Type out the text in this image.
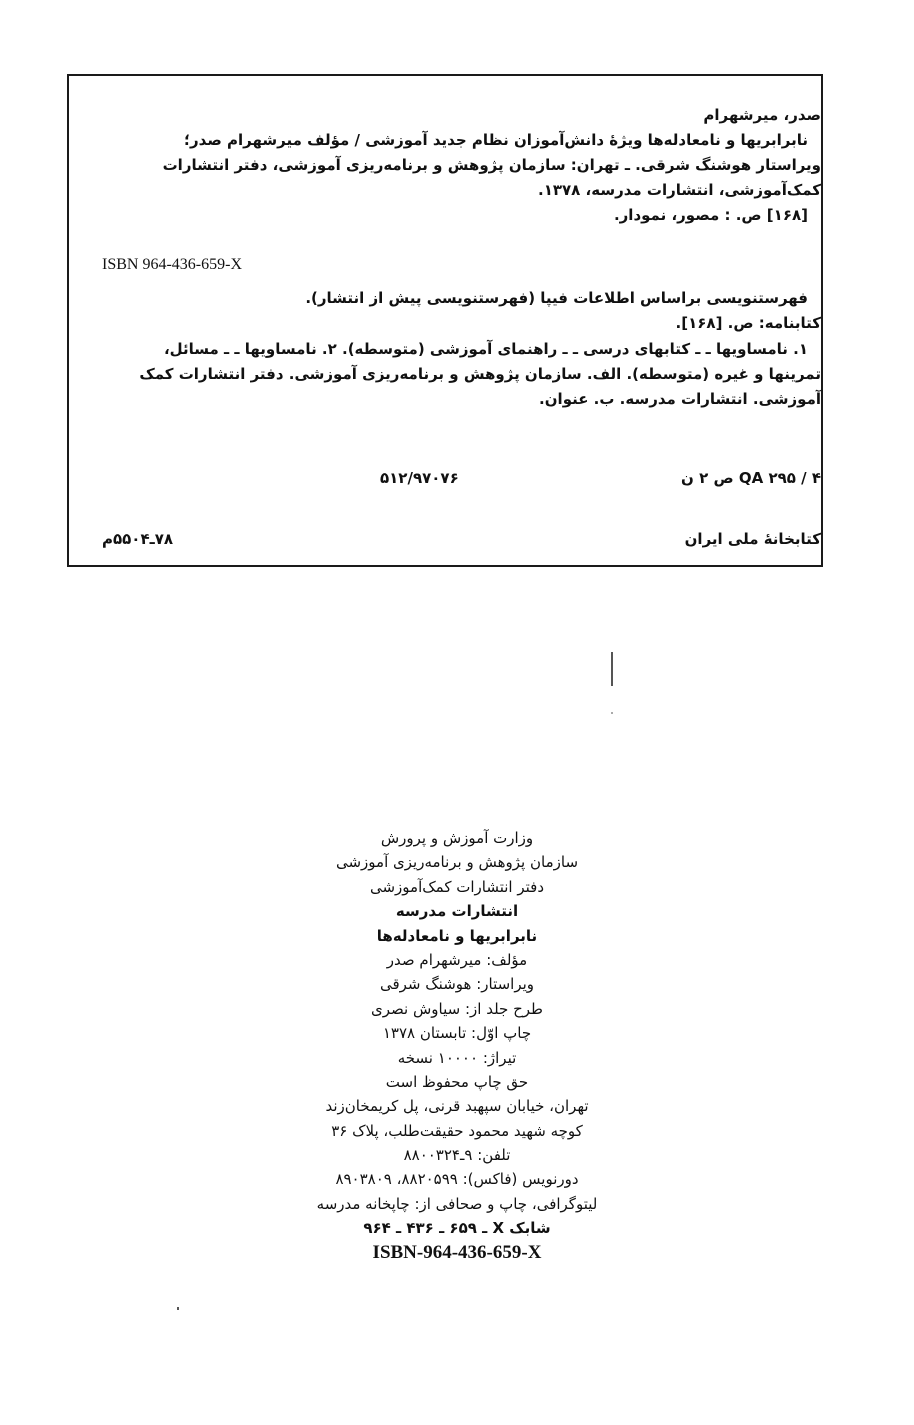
صدر، میرشهرام
نابرابریها و نامعادله‌ها ویژهٔ دانش‌آموزان نظام جدید آموزشی / مؤلف میرشهرام صدر؛
ویراستار هوشنگ شرقی. ـ تهران: سازمان پژوهش و برنامه‌ریزی آموزشی، دفتر انتشارات
کمک‌آموزشی، انتشارات مدرسه، ۱۳۷۸.
[۱۶۸] ص. : مصور، نمودار.
ISBN 964-436-659-X
فهرستنویسی براساس اطلاعات فیپا (فهرستنویسی پیش از انتشار).
کتابنامه: ص. [۱۶۸].
۱. نامساویها ـ ـ کتابهای درسی ـ ـ راهنمای آموزشی (متوسطه). ۲. نامساویها ـ ـ مسائل،
تمرینها و غیره (متوسطه). الف. سازمان پژوهش و برنامه‌ریزی آموزشی. دفتر انتشارات کمک
آموزشی. انتشارات مدرسه. ب. عنوان.
QA ۲۹۵ / ۴ ص ۲ ن
۵۱۲/۹۷۰۷۶
کتابخانهٔ ملی ایران
۷۸ـ۵۵۰۴م
وزارت آموزش و پرورش
سازمان پژوهش و برنامه‌ریزی آموزشی
دفتر انتشارات کمک‌آموزشی
انتشارات مدرسه
نابرابریها و نامعادله‌ها
مؤلف: میرشهرام صدر
ویراستار: هوشنگ شرقی
طرح جلد از: سیاوش نصری
چاپ اوّل: تابستان ۱۳۷۸
تیراژ: ۱۰۰۰۰ نسخه
حق چاپ محفوظ است
تهران، خیابان سپهبد قرنی، پل کریمخان‌زند
کوچه شهید محمود حقیقت‌طلب، پلاک ۳۶
تلفن: ۹ـ۸۸۰۰۳۲۴
دورنویس (فاکس): ۸۸۲۰۵۹۹، ۸۹۰۳۸۰۹
لیتوگرافی، چاپ و صحافی از: چاپخانه مدرسه
شابک X ـ ۶۵۹ ـ ۴۳۶ ـ ۹۶۴
ISBN-964-436-659-X
